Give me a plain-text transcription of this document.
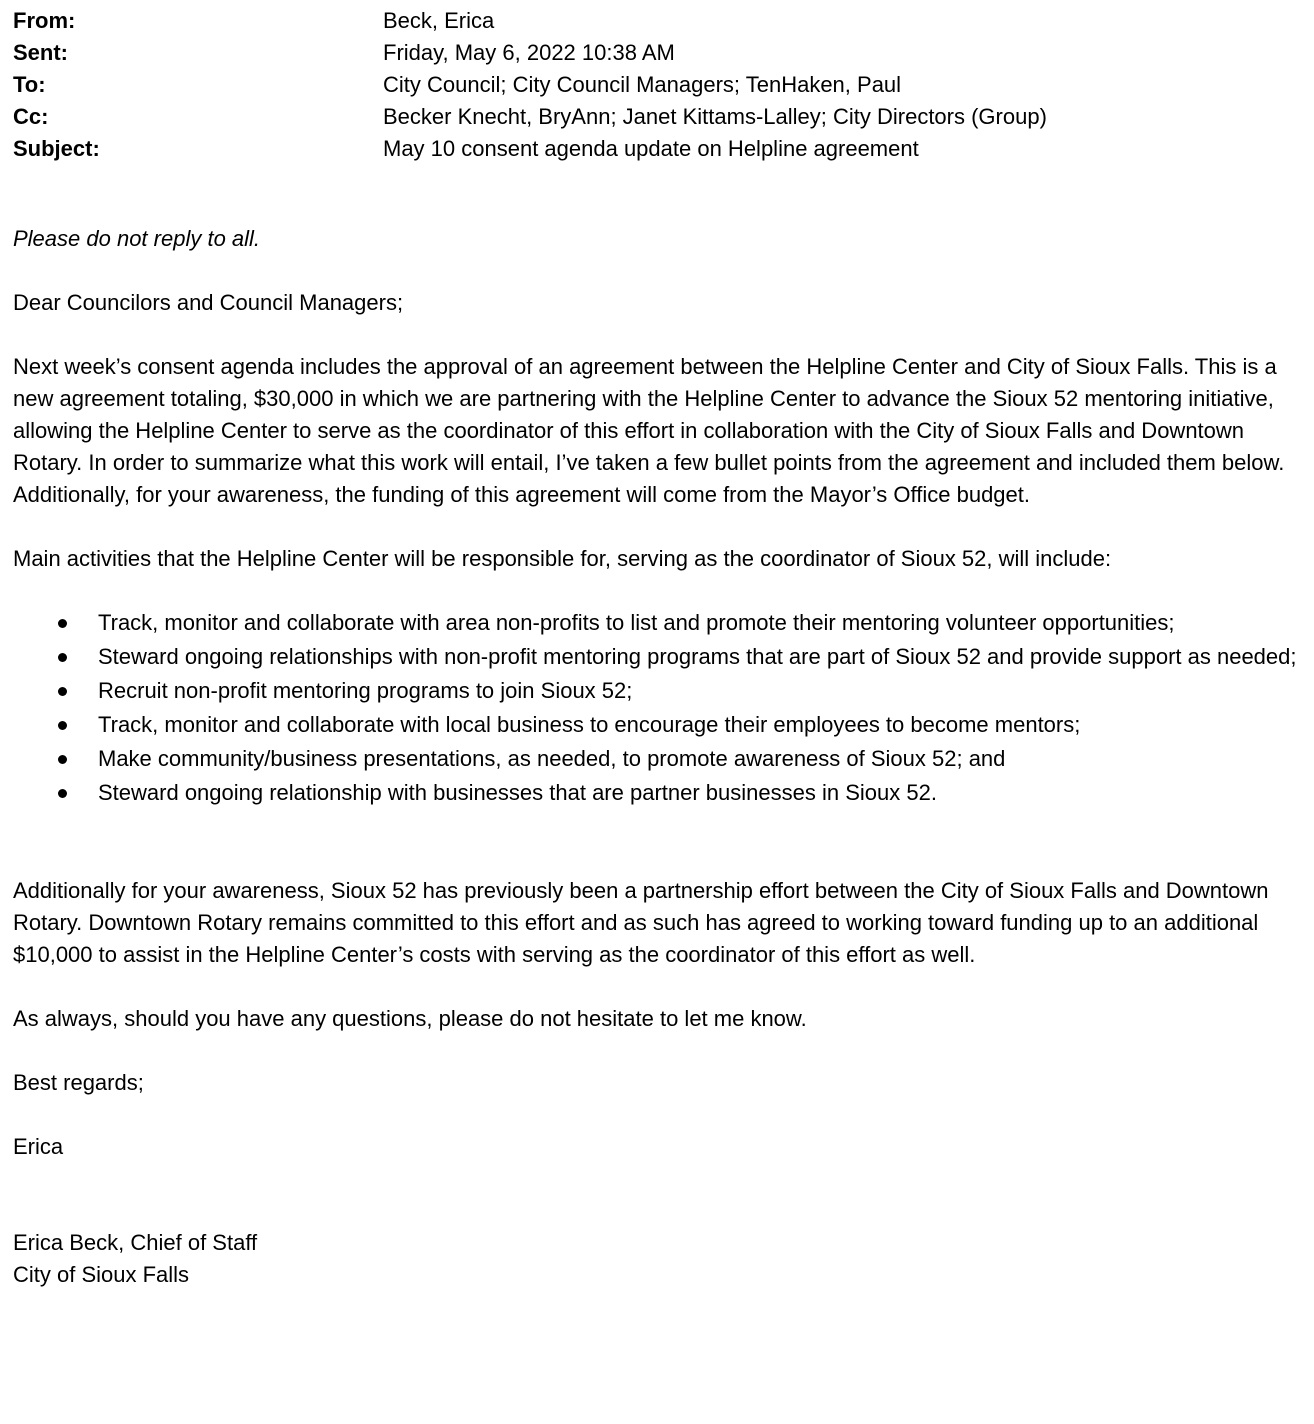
From:	Beck, Erica
Sent:	Friday, May 6, 2022 10:38 AM
To:	City Council; City Council Managers; TenHaken, Paul
Cc:	Becker Knecht, BryAnn; Janet Kittams-Lalley; City Directors (Group)
Subject:	May 10 consent agenda update on Helpline agreement

Please do not reply to all.

Dear Councilors and Council Managers;

Next week’s consent agenda includes the approval of an agreement between the Helpline Center and City of Sioux Falls. This is a new agreement totaling, $30,000 in which we are partnering with the Helpline Center to advance the Sioux 52 mentoring initiative, allowing the Helpline Center to serve as the coordinator of this effort in collaboration with the City of Sioux Falls and Downtown Rotary. In order to summarize what this work will entail, I’ve taken a few bullet points from the agreement and included them below. Additionally, for your awareness, the funding of this agreement will come from the Mayor’s Office budget.

Main activities that the Helpline Center will be responsible for, serving as the coordinator of Sioux 52, will include:

Track, monitor and collaborate with area non-profits to list and promote their mentoring volunteer opportunities;
Steward ongoing relationships with non-profit mentoring programs that are part of Sioux 52 and provide support as needed;
Recruit non-profit mentoring programs to join Sioux 52;
Track, monitor and collaborate with local business to encourage their employees to become mentors;
Make community/business presentations, as needed, to promote awareness of Sioux 52; and
Steward ongoing relationship with businesses that are partner businesses in Sioux 52.

Additionally for your awareness, Sioux 52 has previously been a partnership effort between the City of Sioux Falls and Downtown Rotary. Downtown Rotary remains committed to this effort and as such has agreed to working toward funding up to an additional $10,000 to assist in the Helpline Center’s costs with serving as the coordinator of this effort as well.

As always, should you have any questions, please do not hesitate to let me know.

Best regards;

Erica

Erica Beck, Chief of Staff

City of Sioux Falls
